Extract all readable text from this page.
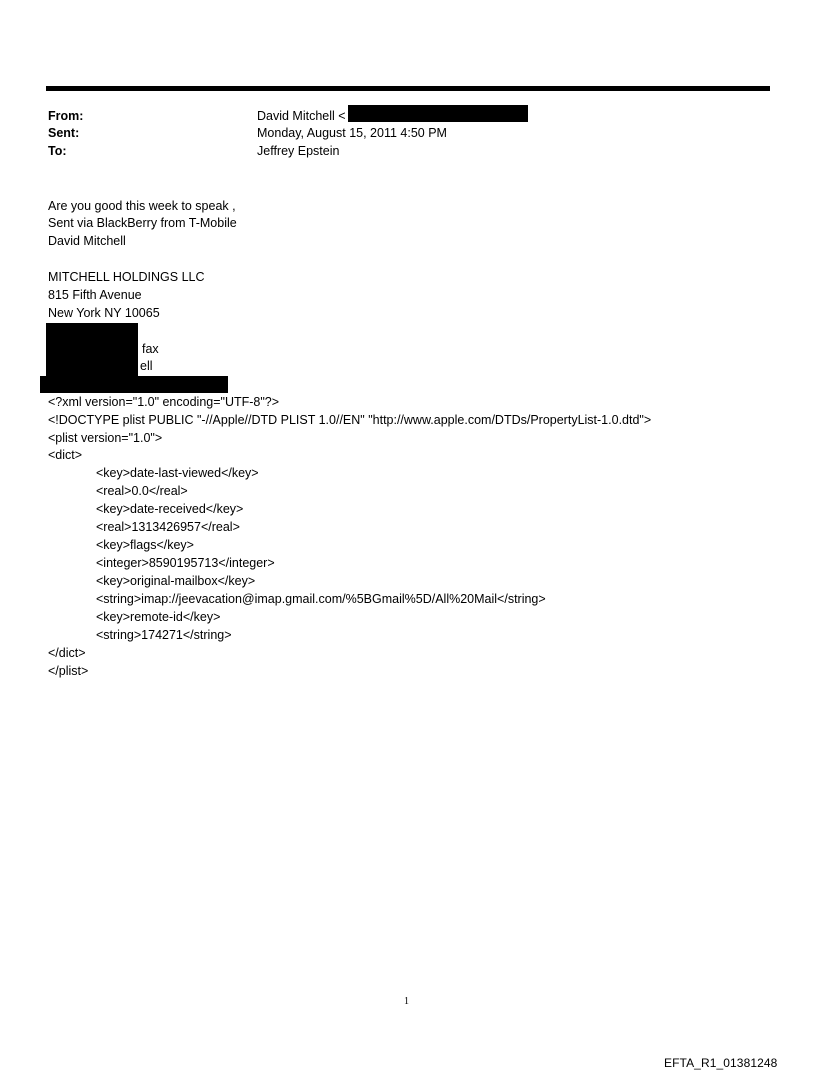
From:	David Mitchell <
Sent:	Monday, August 15, 2011 4:50 PM
To:	Jeffrey Epstein
Are you good this week to speak ,
Sent via BlackBerry from T-Mobile
David Mitchell
MITCHELL HOLDINGS LLC
815 Fifth Avenue
New York NY 10065
fax
ell
<?xml version="1.0" encoding="UTF-8"?>
<!DOCTYPE plist PUBLIC "-//Apple//DTD PLIST 1.0//EN" "http://www.apple.com/DTDs/PropertyList-1.0.dtd">
<plist version="1.0">
<dict>
<key>date-last-viewed</key>
<real>0.0</real>
<key>date-received</key>
<real>1313426957</real>
<key>flags</key>
<integer>8590195713</integer>
<key>original-mailbox</key>
<string>imap://jeevacation@imap.gmail.com/%5BGmail%5D/All%20Mail</string>
<key>remote-id</key>
<string>174271</string>
</dict>
</plist>
1
EFTA_R1_01381248
